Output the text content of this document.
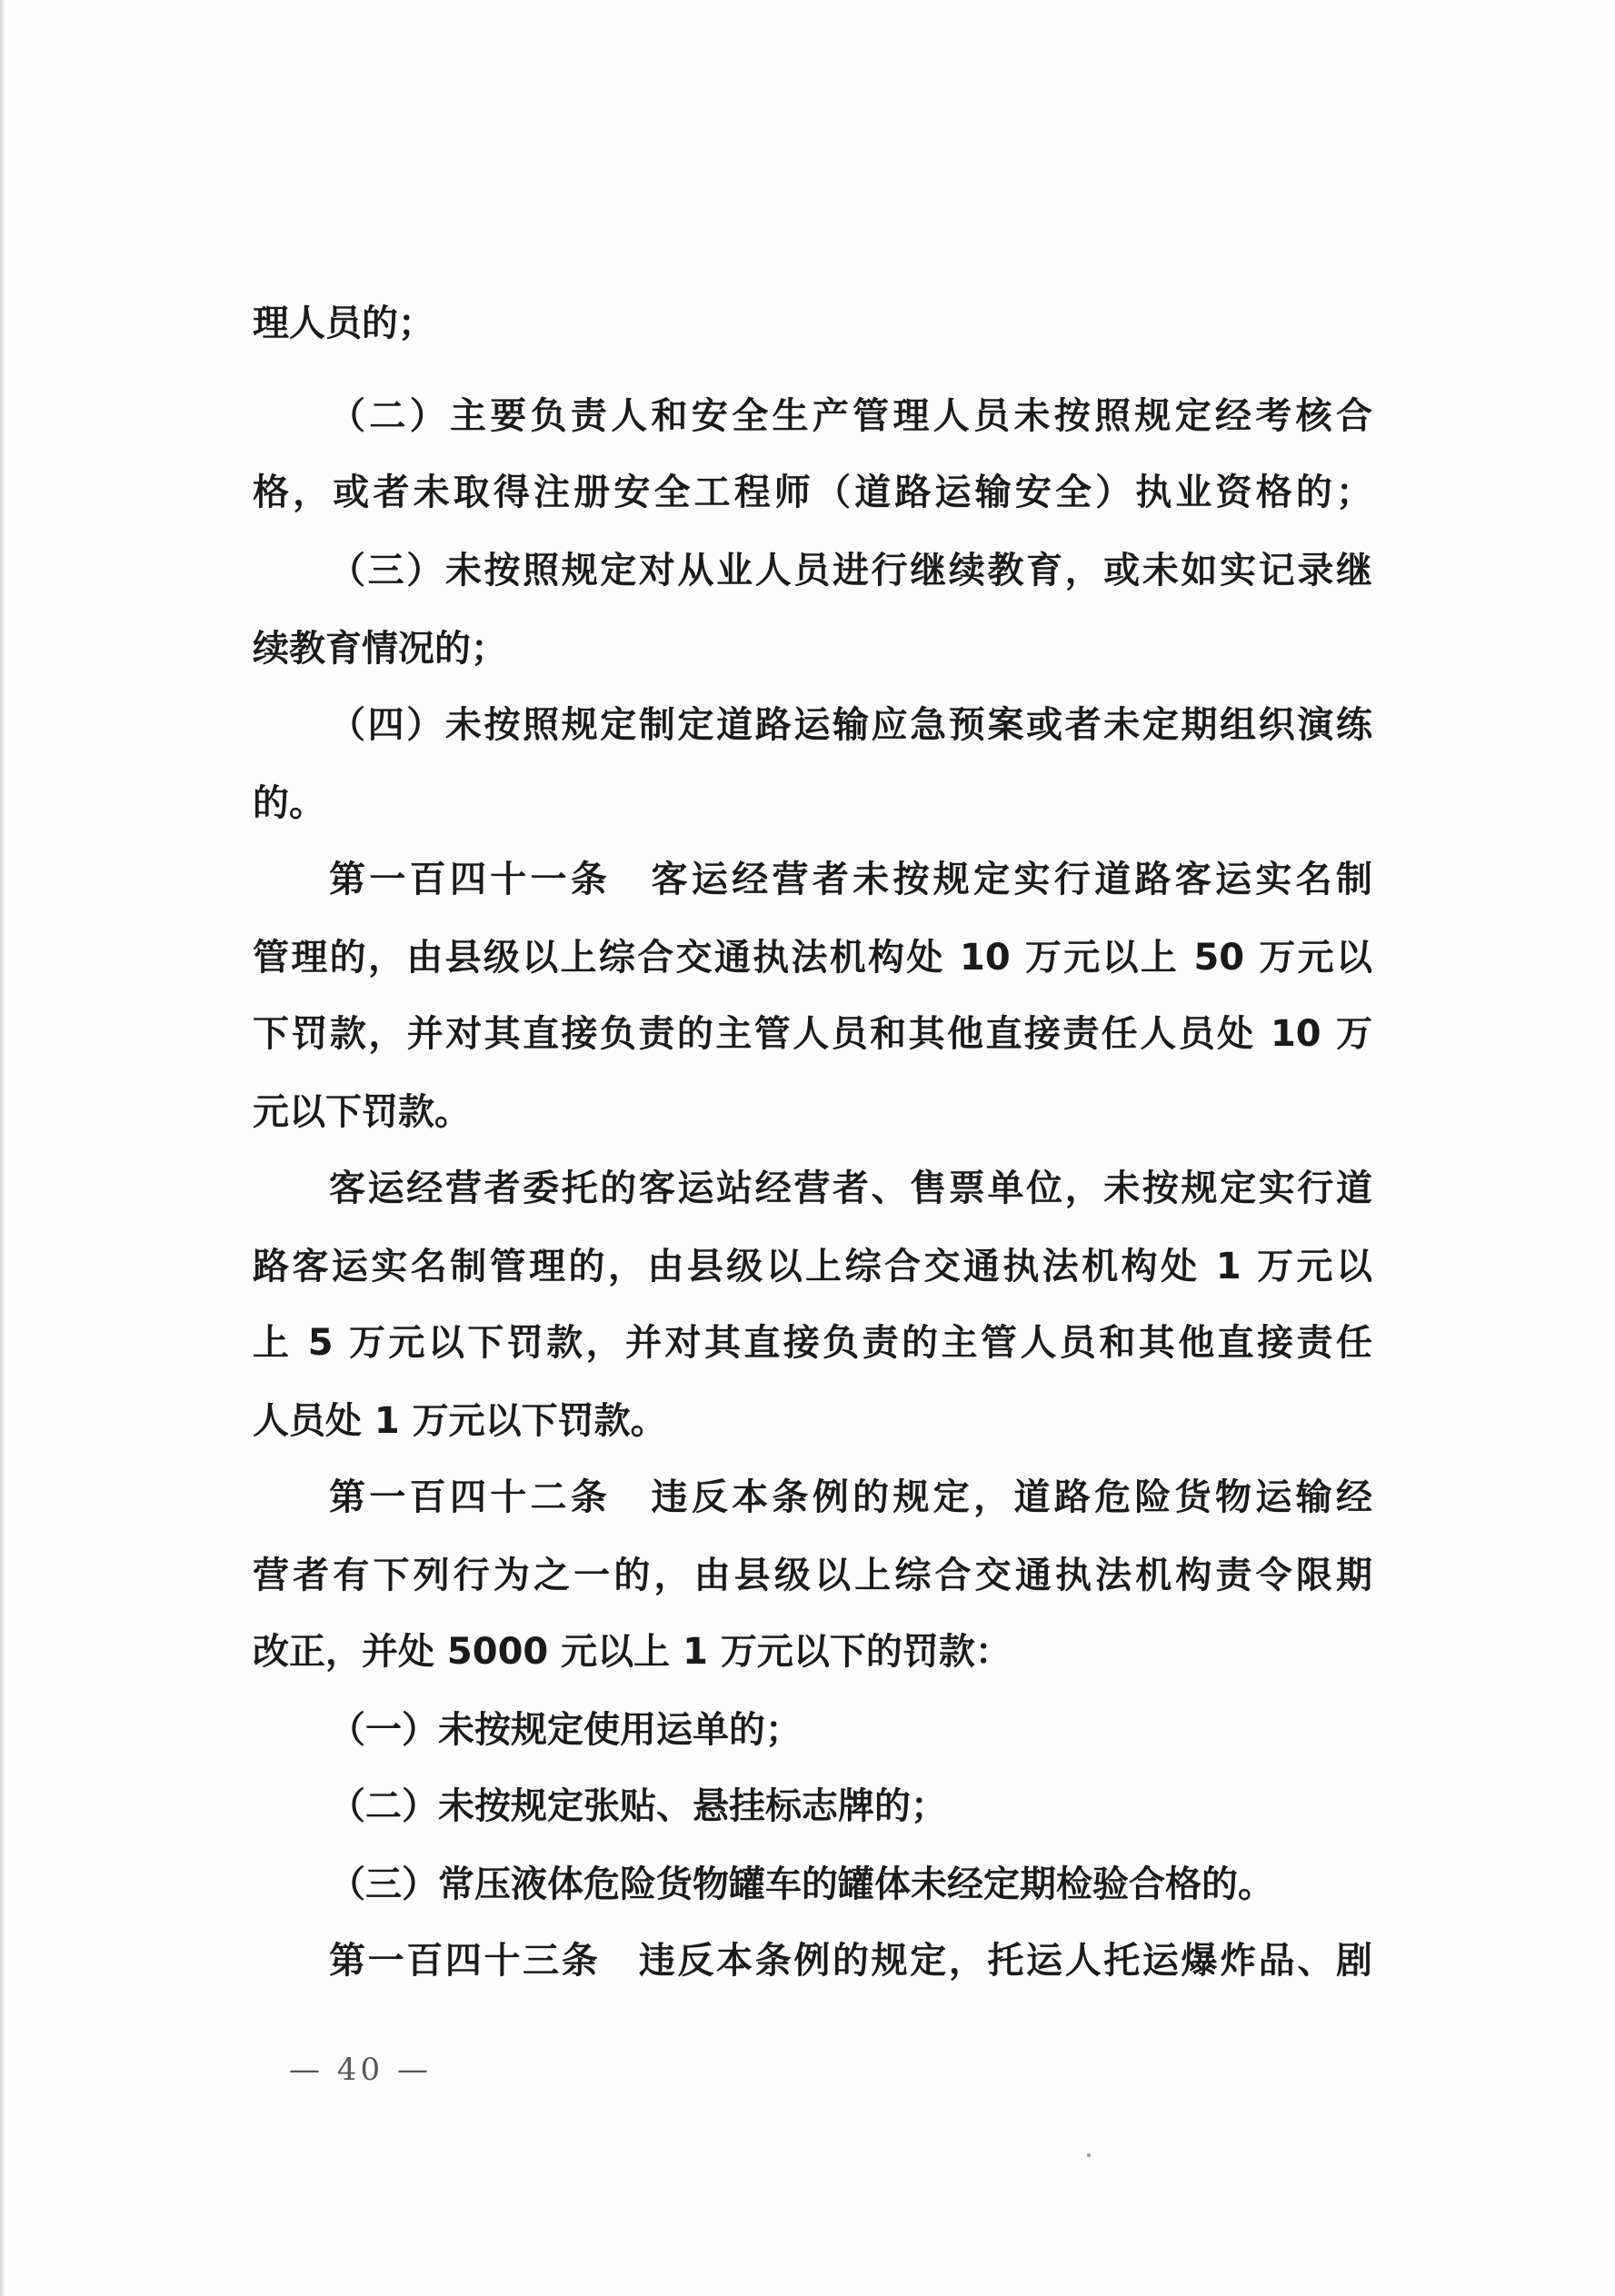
理人员的；
（二）主要负责人和安全生产管理人员未按照规定经考核合
格，或者未取得注册安全工程师（道路运输安全）执业资格的；
（三）未按照规定对从业人员进行继续教育，或未如实记录继
续教育情况的；
（四）未按照规定制定道路运输应急预案或者未定期组织演练
的。
第一百四十一条　客运经营者未按规定实行道路客运实名制
管理的，由县级以上综合交通执法机构处 10 万元以上 50 万元以
下罚款，并对其直接负责的主管人员和其他直接责任人员处 10 万
元以下罚款。
客运经营者委托的客运站经营者、售票单位，未按规定实行道
路客运实名制管理的，由县级以上综合交通执法机构处 1 万元以
上 5 万元以下罚款，并对其直接负责的主管人员和其他直接责任
人员处 1 万元以下罚款。
第一百四十二条　违反本条例的规定，道路危险货物运输经
营者有下列行为之一的，由县级以上综合交通执法机构责令限期
改正，并处 5000 元以上 1 万元以下的罚款：
（一）未按规定使用运单的；
（二）未按规定张贴、悬挂标志牌的；
（三）常压液体危险货物罐车的罐体未经定期检验合格的。
第一百四十三条　违反本条例的规定，托运人托运爆炸品、剧
— 40 —
